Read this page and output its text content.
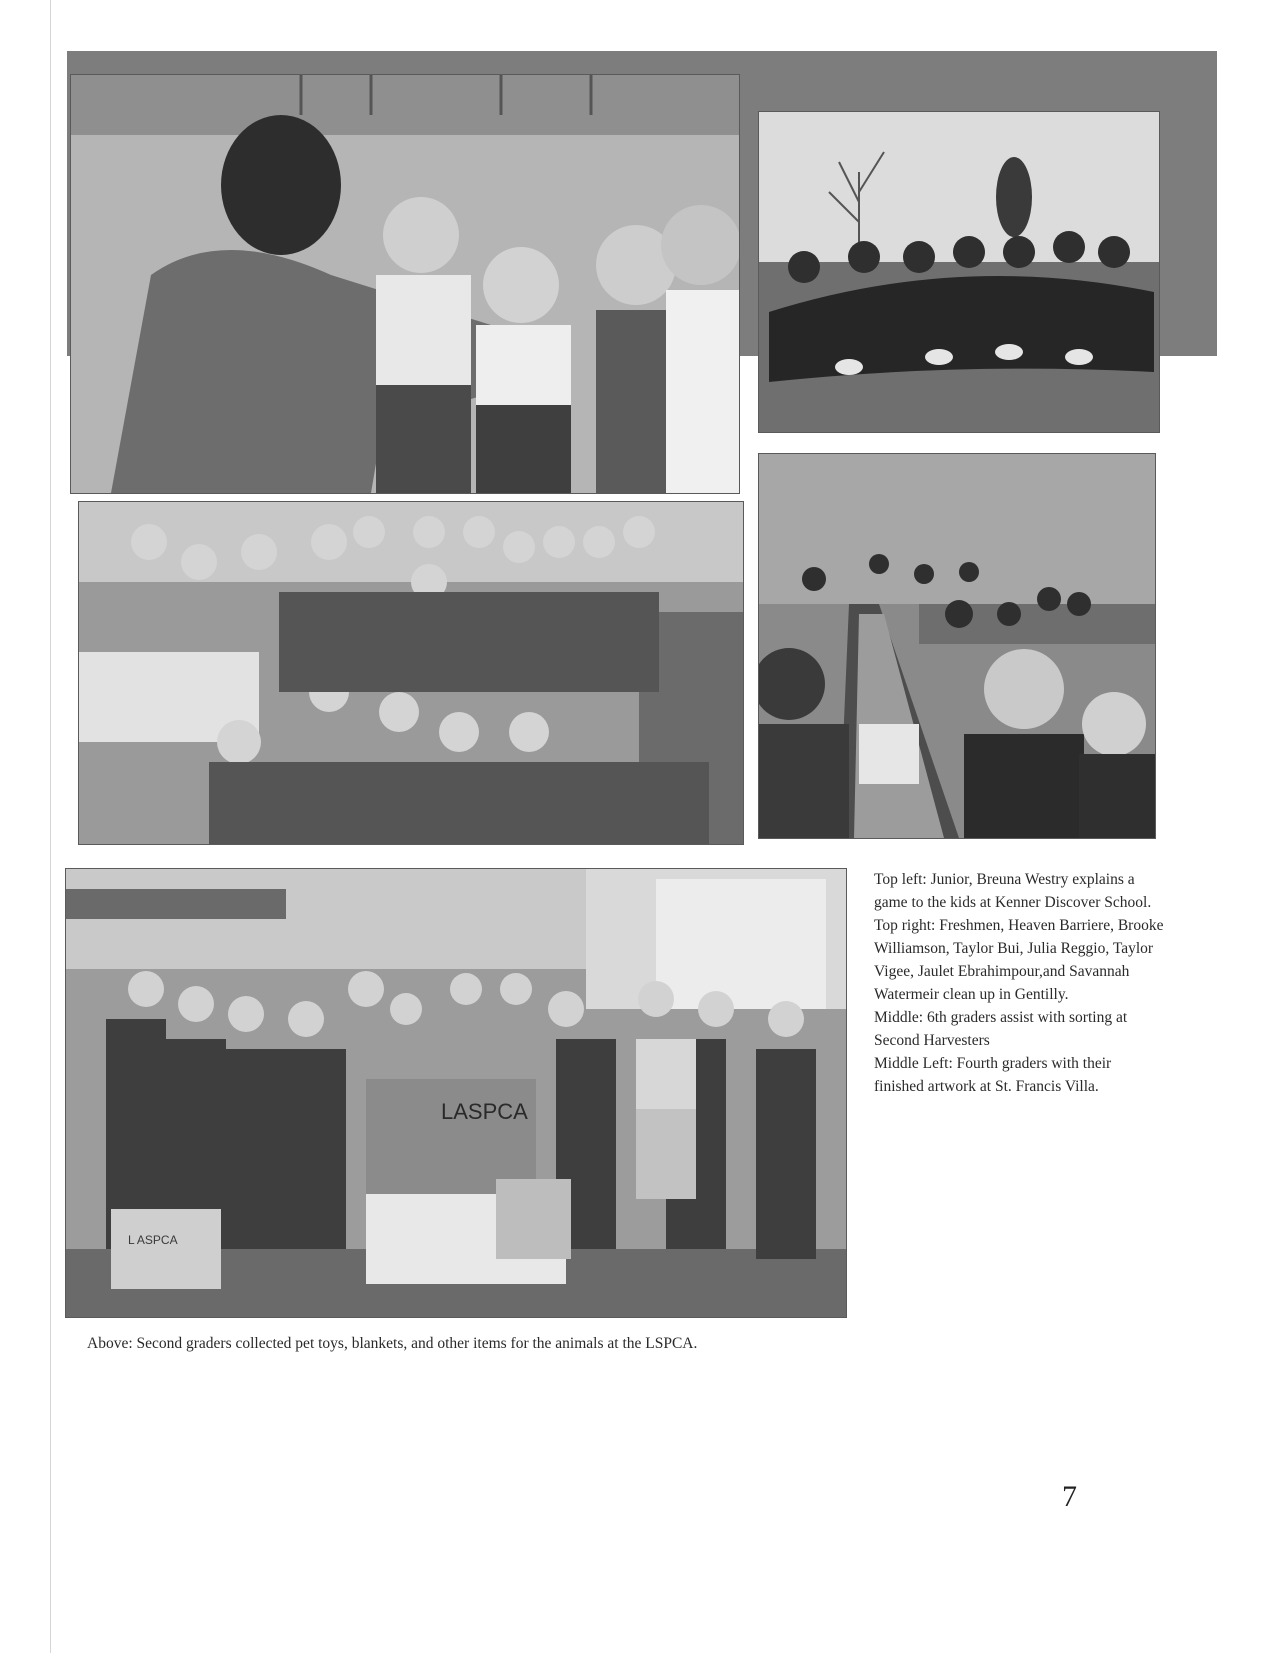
LASPCA
L ASPCA

Top left: Junior, Breuna Westry explains a game to the kids at Kenner Discover School.

Top right: Freshmen, Heaven Barriere, Brooke Williamson, Taylor Bui, Julia Reggio, Taylor Vigee, Jaulet Ebrahimpour,and Savannah Watermeir clean up in Gentilly.

Middle: 6th graders assist with sorting at Second Harvesters

Middle Left: Fourth graders with their finished artwork at St. Francis Villa.

Above: Second graders collected pet toys, blankets, and other items for the animals at the LSPCA.
7
